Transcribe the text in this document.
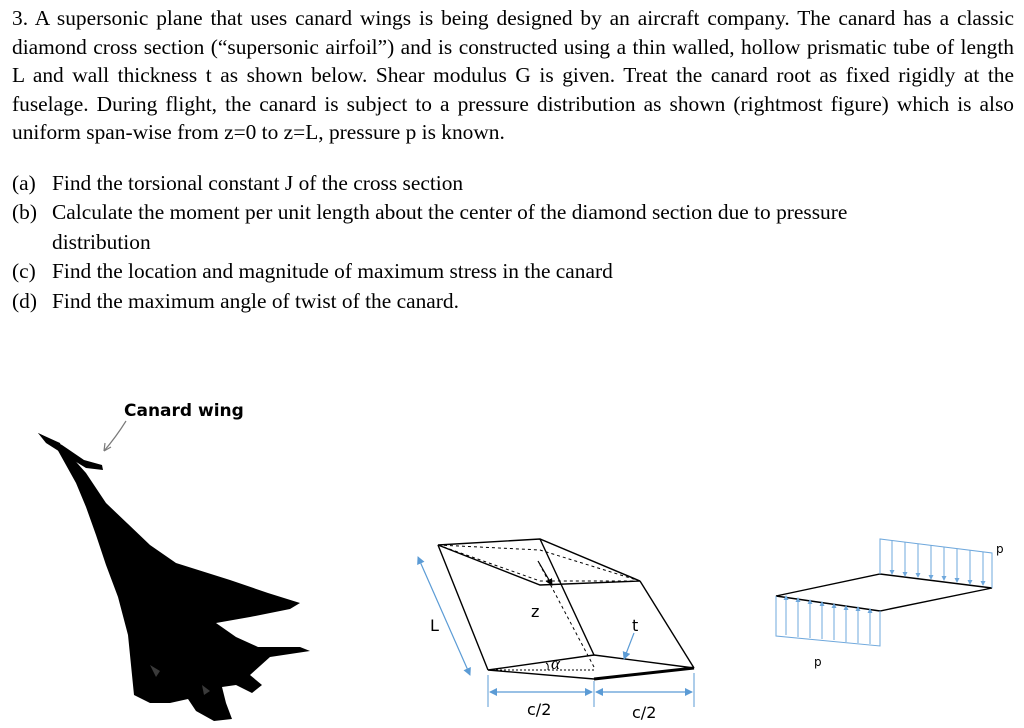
3. A supersonic plane that uses canard wings is being designed by an aircraft company. The canard has a classic diamond cross section (“supersonic airfoil”) and is constructed using a thin walled, hollow prismatic tube of length L and wall thickness t as shown below. Shear modulus G is given. Treat the canard root as fixed rigidly at the fuselage. During flight, the canard is subject to a pressure distribution as shown (rightmost figure) which is also uniform span-wise from z=0 to z=L, pressure p is known.
(a) Find the torsional constant J of the cross section
(b) Calculate the moment per unit length about the center of the diamond section due to pressure distribution
(c) Find the location and magnitude of maximum stress in the canard
(d) Find the maximum angle of twist of the canard.
Canard wing
z
α
L	t
c/2	c/2
p
p
